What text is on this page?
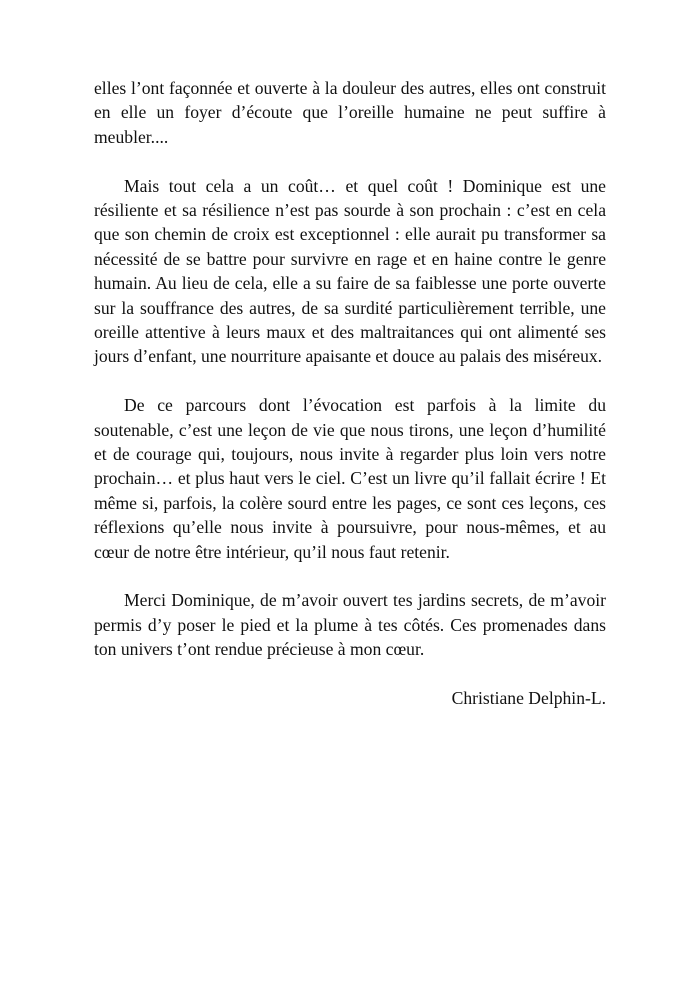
elles l’ont façonnée et ouverte à la douleur des autres, elles ont construit en elle un foyer d’écoute que l’oreille humaine ne peut suffire à meubler....

Mais tout cela a un coût… et quel coût ! Dominique est une résiliente et sa résilience n’est pas sourde à son prochain : c’est en cela que son chemin de croix est exceptionnel : elle aurait pu transformer sa nécessité de se battre pour survivre en rage et en haine contre le genre humain. Au lieu de cela, elle a su faire de sa faiblesse une porte ouverte sur la souffrance des autres, de sa surdité particulièrement terrible, une oreille attentive à leurs maux et des maltraitances qui ont alimenté ses jours d’enfant, une nourriture apaisante et douce au palais des miséreux.

De ce parcours dont l’évocation est parfois à la limite du soutenable, c’est une leçon de vie que nous tirons, une leçon d’humilité et de courage qui, toujours, nous invite à regarder plus loin vers notre prochain… et plus haut vers le ciel. C’est un livre qu’il fallait écrire ! Et même si, parfois, la colère sourd entre les pages, ce sont ces leçons, ces réflexions qu’elle nous invite à poursuivre, pour nous-mêmes, et au cœur de notre être intérieur, qu’il nous faut retenir.

Merci Dominique, de m’avoir ouvert tes jardins secrets, de m’avoir permis d’y poser le pied et la plume à tes côtés. Ces promenades dans ton univers t’ont rendue précieuse à mon cœur.

Christiane Delphin-L.
